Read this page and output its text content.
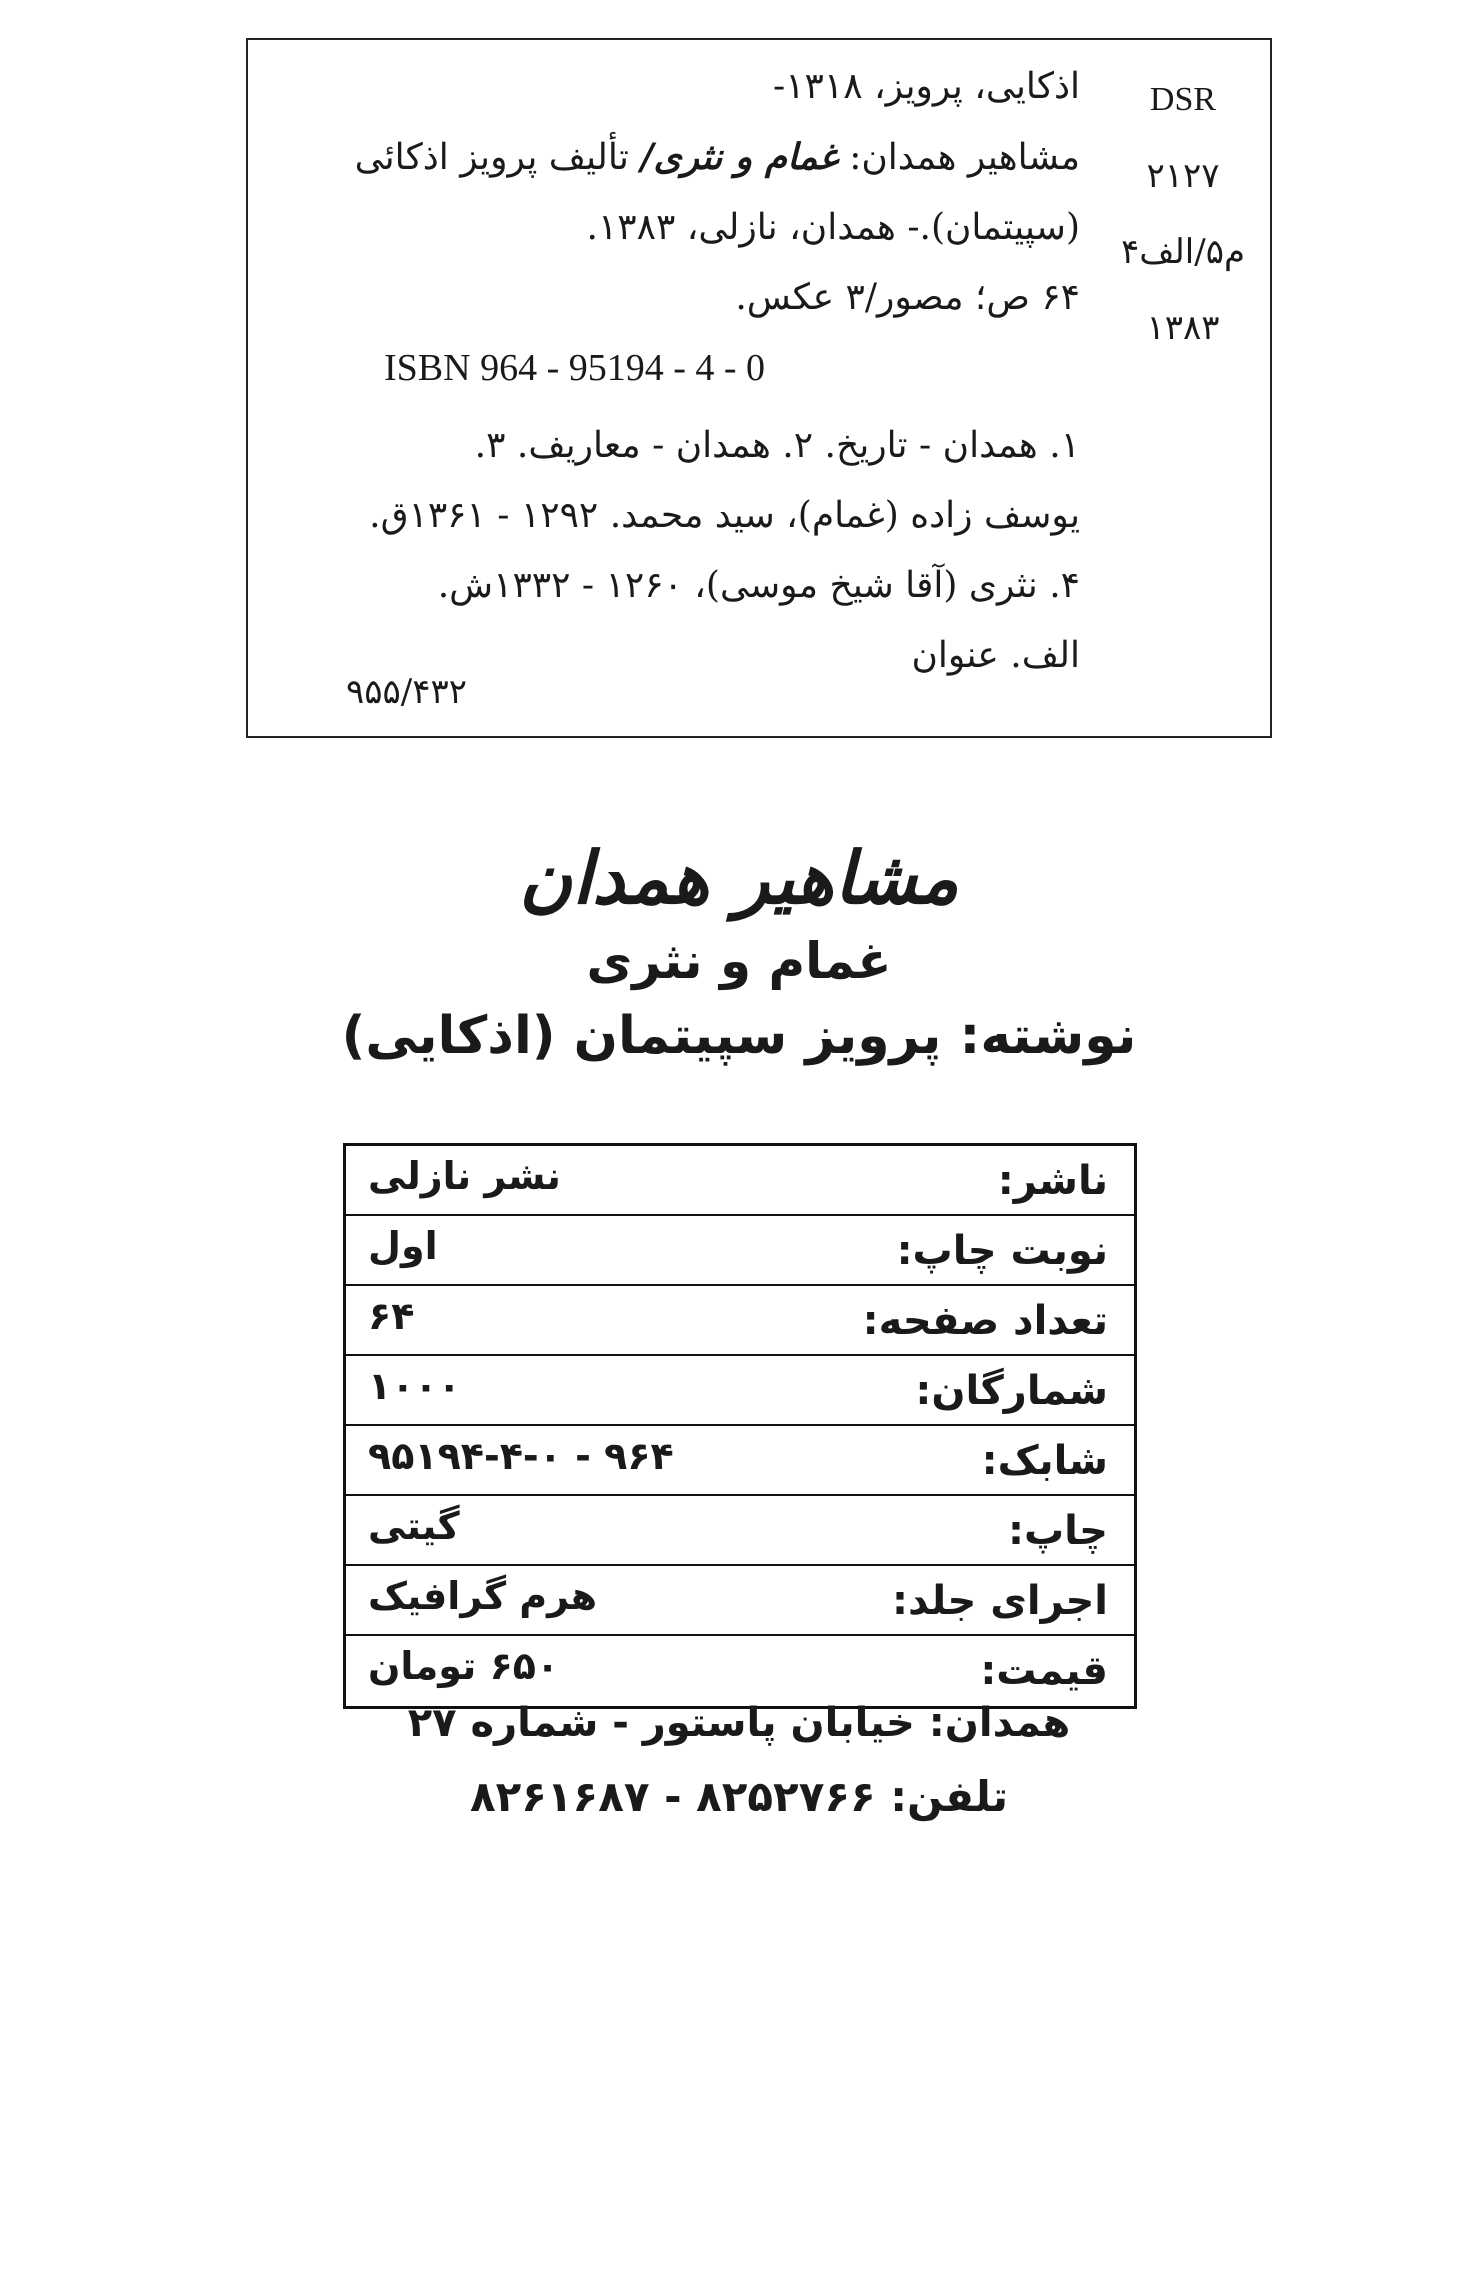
اذکایی، پرویز، ۱۳۱۸-
مشاهیر همدان: غمام و نثری/ تألیف پرویز اذکائی
(سپیتمان).- همدان، نازلی، ۱۳۸۳.
۶۴ ص؛ مصور/۳ عکس.
ISBN 964 - 95194 - 4 - 0
۱. همدان - تاریخ. ۲. همدان - معاریف. ۳.
یوسف زاده (غمام)، سید محمد. ۱۲۹۲ - ۱۳۶۱ق.
۴. نثری (آقا شیخ موسی)، ۱۲۶۰ - ۱۳۳۲ش.
الف. عنوان
۹۵۵/۴۳۲
DSR
۲۱۲۷
۴م۵/الف
۱۳۸۳
مشاهیر همدان
غمام و نثری
نوشته: پرویز سپیتمان (اذکایی)
ناشر:
نشر نازلی
نوبت چاپ:
اول
تعداد صفحه:
۶۴
شمارگان:
۱۰۰۰
شابک:
۹۶۴ - ۹۵۱۹۴-۴-۰
چاپ:
گیتی
اجرای جلد:
هرم گرافیک
قیمت:
۶۵۰ تومان
همدان: خیابان پاستور - شماره ۲۷
تلفن: ۸۲۵۲۷۶۶ - ۸۲۶۱۶۸۷
